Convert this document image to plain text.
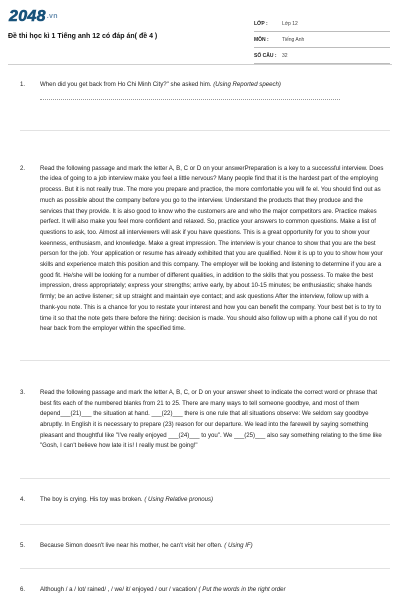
2048.vn
Đề thi học kì 1 Tiếng anh 12 có đáp án( đề 4 )
LỚP :	Lớp 12
MÔN :	Tiếng Anh
SỐ CÂU :	32
1.	When did you get back from Ho Chi Minh City?" she asked him. (Using Reported speech)
2.	Read the following passage and mark the letter A, B, C or D on your answerPreparation is a key to a successful interview. Does the idea of going to a job interview make you feel a little nervous? Many people find that it is the hardest part of the employing process. But it is not really true. The more you prepare and practice, the more comfortable you will fe el. You should find out as much as possible about the company before you go to the interview. Understand the products that they produce and the services that they provide. It is also good to know who the customers are and who the major competitors are. Practice makes perfect. It will also make you feel more confident and relaxed. So, practice your answers to common questions. Make a list of questions to ask, too. Almost all interviewers will ask if you have questions. This is a great opportunity for you to show your keenness, enthusiasm, and knowledge. Make a great impression. The interview is your chance to show that you are the best person for the job. Your application or resume has already exhibited that you are qualified. Now it is up to you to show how your skills and experience match this position and this company. The employer will be looking and listening to determine if you are a good fit. He/she will be looking for a number of different qualities, in addition to the skills that you possess. To make the best impression, dress appropriately; express your strengths; arrive early, by about 10-15 minutes; be enthusiastic; shake hands firmly; be an active listener; sit up straight and maintain eye contact; and ask questions After the interview, follow up with a thank-you note. This is a chance for you to restate your interest and how you can benefit the company. Your best bet is to try to time it so that the note gets there before the hiring: decision is made. You should also follow up with a phone call if you do not hear back from the employer within the specified time.
3.	Read the following passage and mark the letter A, B, C, or D on your answer sheet to indicate the correct word or phrase that best fits each of the numbered blanks from 21 to 25. There are many ways to tell someone goodbye, and most of them depend___(21)___ the situation at hand. ___(22)___ there is one rule that all situations observe: We seldom say goodbye abruptly. In English it is necessary to prepare (23) reason for our departure. We lead into the farewell by saying something pleasant and thoughtful like "I've really enjoyed ___(24)___ to you". We ___(25)___ also say something relating to the time like "Gosh, I can't believe how late it is! I really must be going!"
4.	The boy is crying. His toy was broken. ( Using Relative pronous)
5.	Because Simon doesn't live near his mother, he can't visit her often. ( Using IF)
6.	Although / a / lot/ rained/ , / we/ it/ enjoyed / our / vacation/ ( Put the words in the right order
